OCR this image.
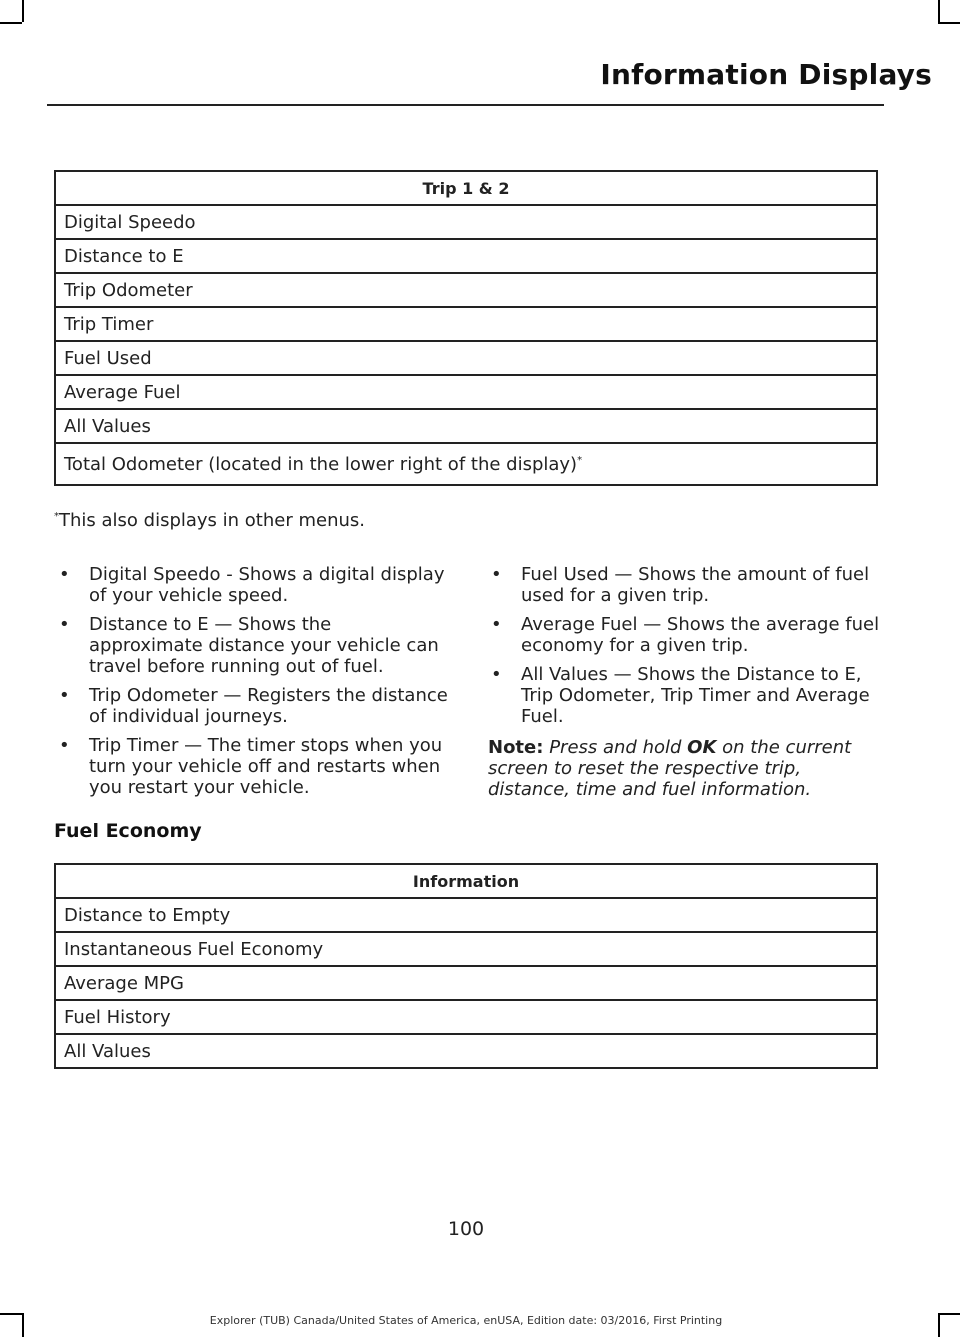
Information Displays
Trip 1 & 2
Digital Speedo
Distance to E
Trip Odometer
Trip Timer
Fuel Used
Average Fuel
All Values
Total Odometer (located in the lower right of the display)*
*This also displays in other menus.
• Digital Speedo - Shows a digital display of your vehicle speed.
• Distance to E — Shows the approximate distance your vehicle can travel before running out of fuel.
• Trip Odometer — Registers the distance of individual journeys.
• Trip Timer — The timer stops when you turn your vehicle off and restarts when you restart your vehicle.
• Fuel Used — Shows the amount of fuel used for a given trip.
• Average Fuel — Shows the average fuel economy for a given trip.
• All Values — Shows the Distance to E, Trip Odometer, Trip Timer and Average Fuel.
Note: Press and hold OK on the current screen to reset the respective trip, distance, time and fuel information.
Fuel Economy
Information
Distance to Empty
Instantaneous Fuel Economy
Average MPG
Fuel History
All Values
100
Explorer (TUB) Canada/United States of America, enUSA, Edition date: 03/2016, First Printing
